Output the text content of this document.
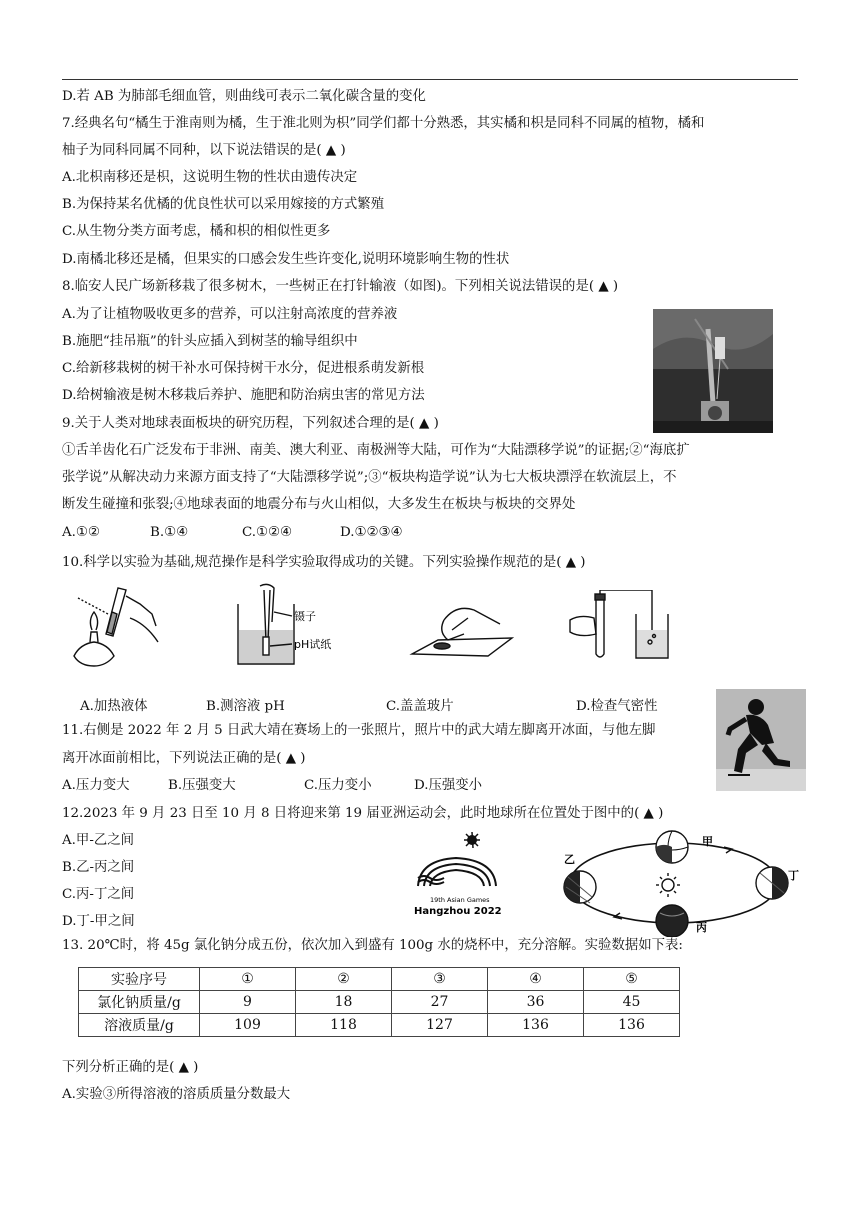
D.若 AB 为肺部毛细血管，则曲线可表示二氧化碳含量的变化
7.经典名句“橘生于淮南则为橘，生于淮北则为枳”同学们都十分熟悉，其实橘和枳是同科不同属的植物，橘和
柚子为同科同属不同种，以下说法错误的是( ▲ )
A.北枳南移还是枳，这说明生物的性状由遗传决定
B.为保持某名优橘的优良性状可以采用嫁接的方式繁殖
C.从生物分类方面考虑，橘和枳的相似性更多
D.南橘北移还是橘，但果实的口感会发生些许变化,说明环境影响生物的性状
8.临安人民广场新移栽了很多树木，一些树正在打针输液（如图)。下列相关说法错误的是( ▲ )
A.为了让植物吸收更多的营养，可以注射高浓度的营养液
B.施肥“挂吊瓶”的针头应插入到树茎的输导组织中
C.给新移栽树的树干补水可保持树干水分，促进根系萌发新根
D.给树输液是树木移栽后养护、施肥和防治病虫害的常见方法
9.关于人类对地球表面板块的研究历程，下列叙述合理的是( ▲ )
①舌羊齿化石广泛发布于非洲、南美、澳大利亚、南极洲等大陆，可作为“大陆漂移学说”的证据;②“海底扩
张学说”从解决动力来源方面支持了“大陆漂移学说”;③“板块构造学说”认为七大板块漂浮在软流层上，不
断发生碰撞和张裂;④地球表面的地震分布与火山相似，大多发生在板块与板块的交界处
A.①②	B.①④	C.①②④	D.①②③④
10.科学以实验为基础,规范操作是科学实验取得成功的关键。下列实验操作规范的是( ▲ )
镊子
pH试纸
A.加热液体	B.测溶液 pH	C.盖盖玻片	D.检查气密性
11.右侧是 2022 年 2 月 5 日武大靖在赛场上的一张照片，照片中的武大靖左脚离开冰面，与他左脚
离开冰面前相比，下列说法正确的是( ▲ )
A.压力变大	B.压强变大	C.压力变小	D.压强变小
12.2023 年 9 月 23 日至 10 月 8 日将迎来第 19 届亚洲运动会，此时地球所在位置处于图中的( ▲ )
A.甲-乙之间
B.乙-丙之间
C.丙-丁之间
D.丁-甲之间
19th Asian Games
Hangzhou 2022
甲
乙
丙
丁
13. 20℃时，将 45g 氯化钠分成五份，依次加入到盛有 100g 水的烧杯中，充分溶解。实验数据如下表:
实验序号	①	②	③	④	⑤
氯化钠质量/g	9	18	27	36	45
溶液质量/g	109	118	127	136	136
下列分析正确的是( ▲ )
A.实验③所得溶液的溶质质量分数最大
